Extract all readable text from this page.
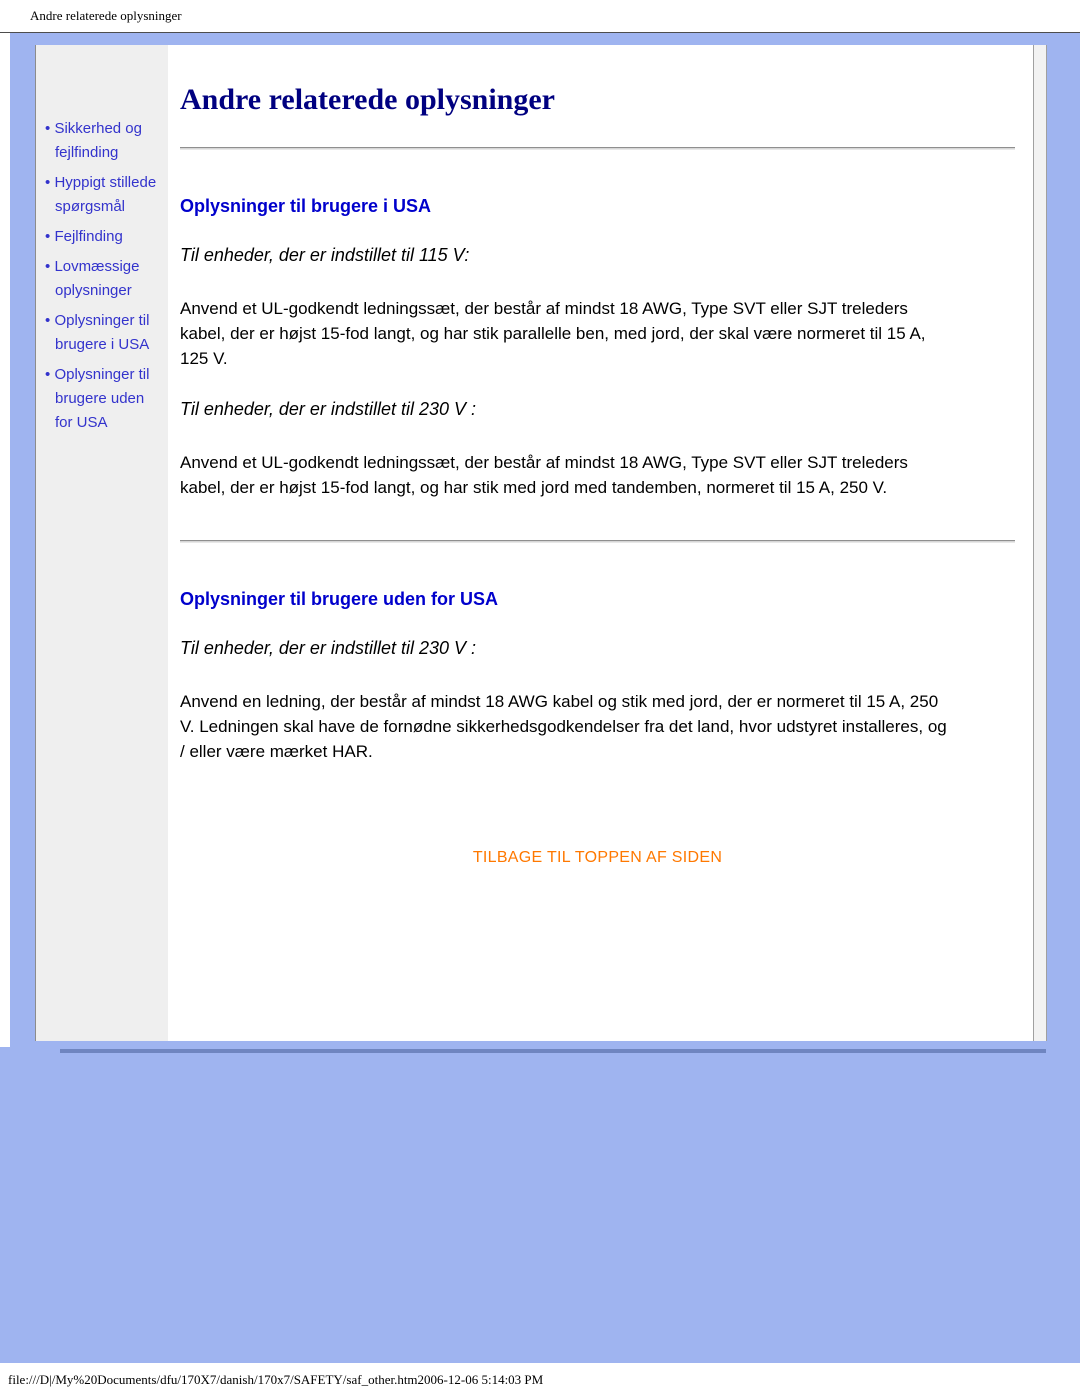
Andre relaterede oplysninger
• Sikkerhed og fejlfinding
• Hyppigt stillede spørgsmål
• Fejlfinding
• Lovmæssige oplysninger
• Oplysninger til brugere i USA
• Oplysninger til brugere uden for USA
Andre relaterede oplysninger
Oplysninger til brugere i USA

Til enheder, der er indstillet til 115 V:

Anvend et UL-godkendt ledningssæt, der består af mindst 18 AWG, Type SVT eller SJT treleders kabel, der er højst 15-fod langt, og har stik parallelle ben, med jord, der skal være normeret til 15 A, 125 V.

Til enheder, der er indstillet til 230 V :

Anvend et UL-godkendt ledningssæt, der består af mindst 18 AWG, Type SVT eller SJT treleders kabel, der er højst 15-fod langt, og har stik med jord med tandemben, normeret til 15 A, 250 V.

Oplysninger til brugere uden for USA

Til enheder, der er indstillet til 230 V :

Anvend en ledning, der består af mindst 18 AWG kabel og stik med jord, der er normeret til 15 A, 250 V. Ledningen skal have de fornødne sikkerhedsgodkendelser fra det land, hvor udstyret installeres, og / eller være mærket HAR.

TILBAGE TIL TOPPEN AF SIDEN
file:///D|/My%20Documents/dfu/170X7/danish/170x7/SAFETY/saf_other.htm2006-12-06 5:14:03 PM
